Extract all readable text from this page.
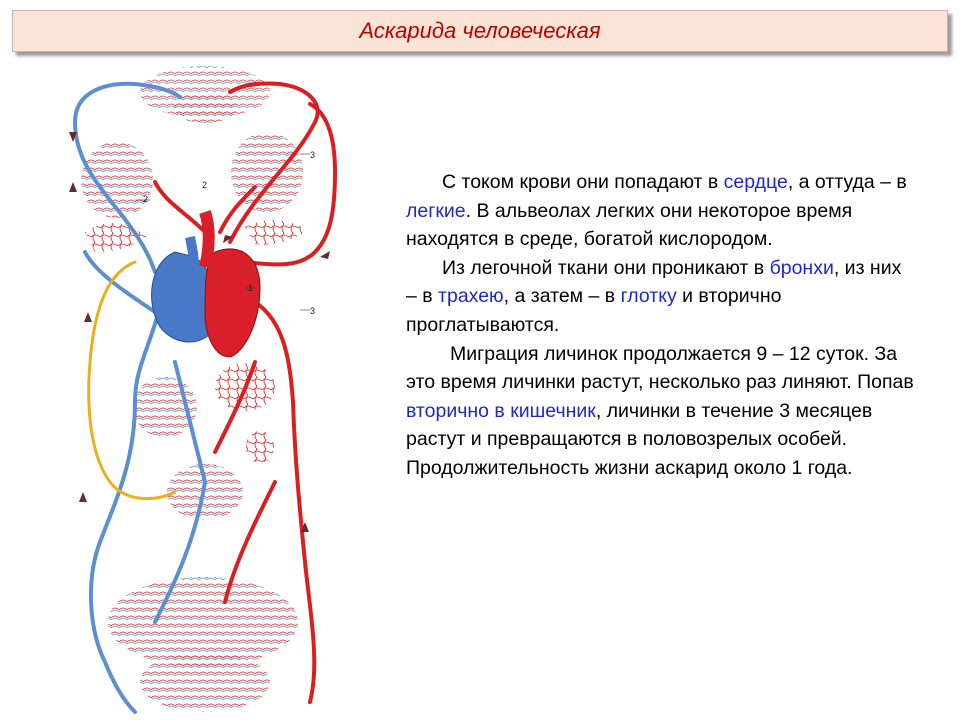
Аскарида человеческая
1
2
2
3
3

С током крови они попадают в сердце, а оттуда – в легкие. В альвеолах легких они некоторое время находятся в среде, богатой кислородом.

Из легочной ткани они проникают в бронхи, из них – в трахею, а затем – в глотку и вторично проглатываются.

Миграция личинок продолжается 9 – 12 суток. За это время личинки растут, несколько раз линяют. Попав вторично в кишечник, личинки в течение 3 месяцев растут и превращаются в половозрелых особей. Продолжительность жизни аскарид около 1 года.
